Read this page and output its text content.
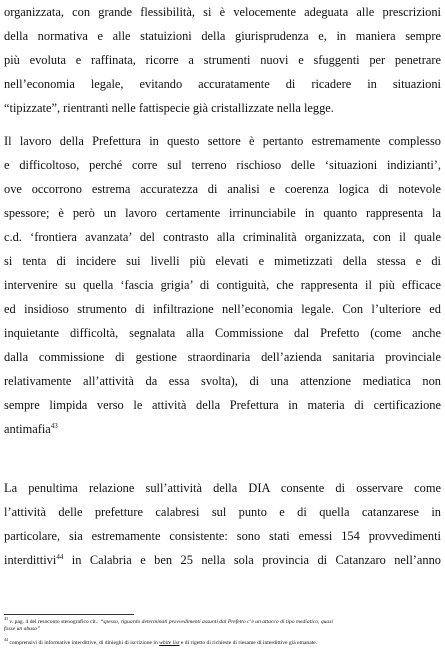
organizzata, con grande flessibilità, si è velocemente adeguata alle prescrizioni
della normativa e alle statuizioni della giurisprudenza e, in maniera sempre
più evoluta e raffinata, ricorre a strumenti nuovi e sfuggenti per penetrare
nell’economia legale, evitando accuratamente di ricadere in situazioni
“tipizzate”, rientranti nelle fattispecie già cristallizzate nella legge.
Il lavoro della Prefettura in questo settore è pertanto estremamente complesso
e difficoltoso, perché corre sul terreno rischioso delle ‘situazioni indizianti’,
ove occorrono estrema accuratezza di analisi e coerenza logica di notevole
spessore; è però un lavoro certamente irrinunciabile in quanto rappresenta la
c.d. ‘frontiera avanzata’ del contrasto alla criminalità organizzata, con il quale
si tenta di incidere sui livelli più elevati e mimetizzati della stessa e di
intervenire su quella ‘fascia grigia’ di contiguità, che rappresenta il più efficace
ed insidioso strumento di infiltrazione nell’economia legale. Con l’ulteriore ed
inquietante difficoltà, segnalata alla Commissione dal Prefetto (come anche
dalla commissione di gestione straordinaria dell’azienda sanitaria provinciale
relativamente all’attività da essa svolta), di una attenzione mediatica non
sempre limpida verso le attività della Prefettura in materia di certificazione
antimafia$^{43}$
La penultima relazione sull’attività della DIA consente di osservare come
l’attività delle prefetture calabresi sul punto e di quella catanzarese in
particolare, sia estremamente consistente: sono stati emessi 154 provvedimenti
interdittivi$^{44}$ in Calabria e ben 25 nella sola provincia di Catanzaro nell’anno
$^{43}$ v. pag. 4 del resoconto stenografico cit.: “spesso, riguardo determinati provvedimenti assunti dal Prefetto c’è un attacco di tipo mediatico, quasi
fosse un abuso”
$^{44}$ comprensivi di informative interdittive, di dinieghi di iscrizione in white list e di rigetto di richieste di riesame di interdittive già emanate.
